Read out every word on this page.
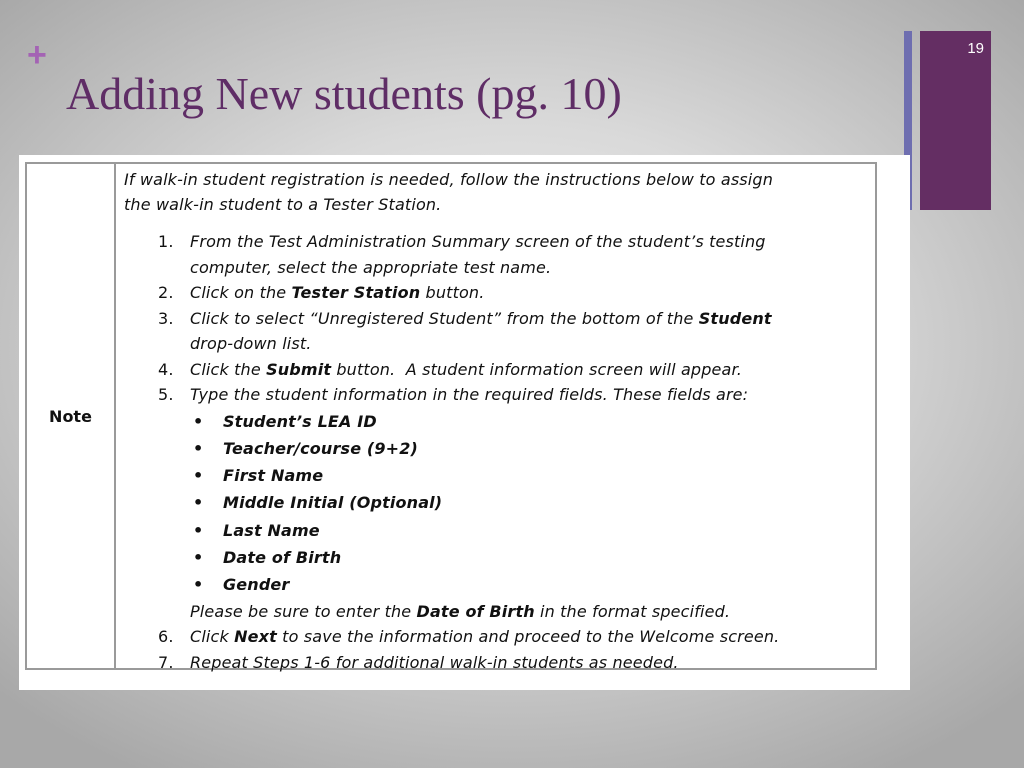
+
Adding New students (pg. 10)
19
Note

If walk-in student registration is needed, follow the instructions below to assign
the walk-in student to a Tester Station.

1. From the Test Administration Summary screen of the student’s testing
computer, select the appropriate test name.
2. Click on the Tester Station button.
3. Click to select “Unregistered Student” from the bottom of the Student
drop-down list.
4. Click the Submit button.  A student information screen will appear.
5. Type the student information in the required fields. These fields are:
• Student’s LEA ID
• Teacher/course (9+2)
• First Name
• Middle Initial (Optional)
• Last Name
• Date of Birth
• Gender
Please be sure to enter the Date of Birth in the format specified.
6. Click Next to save the information and proceed to the Welcome screen.
7. Repeat Steps 1-6 for additional walk-in students as needed.
